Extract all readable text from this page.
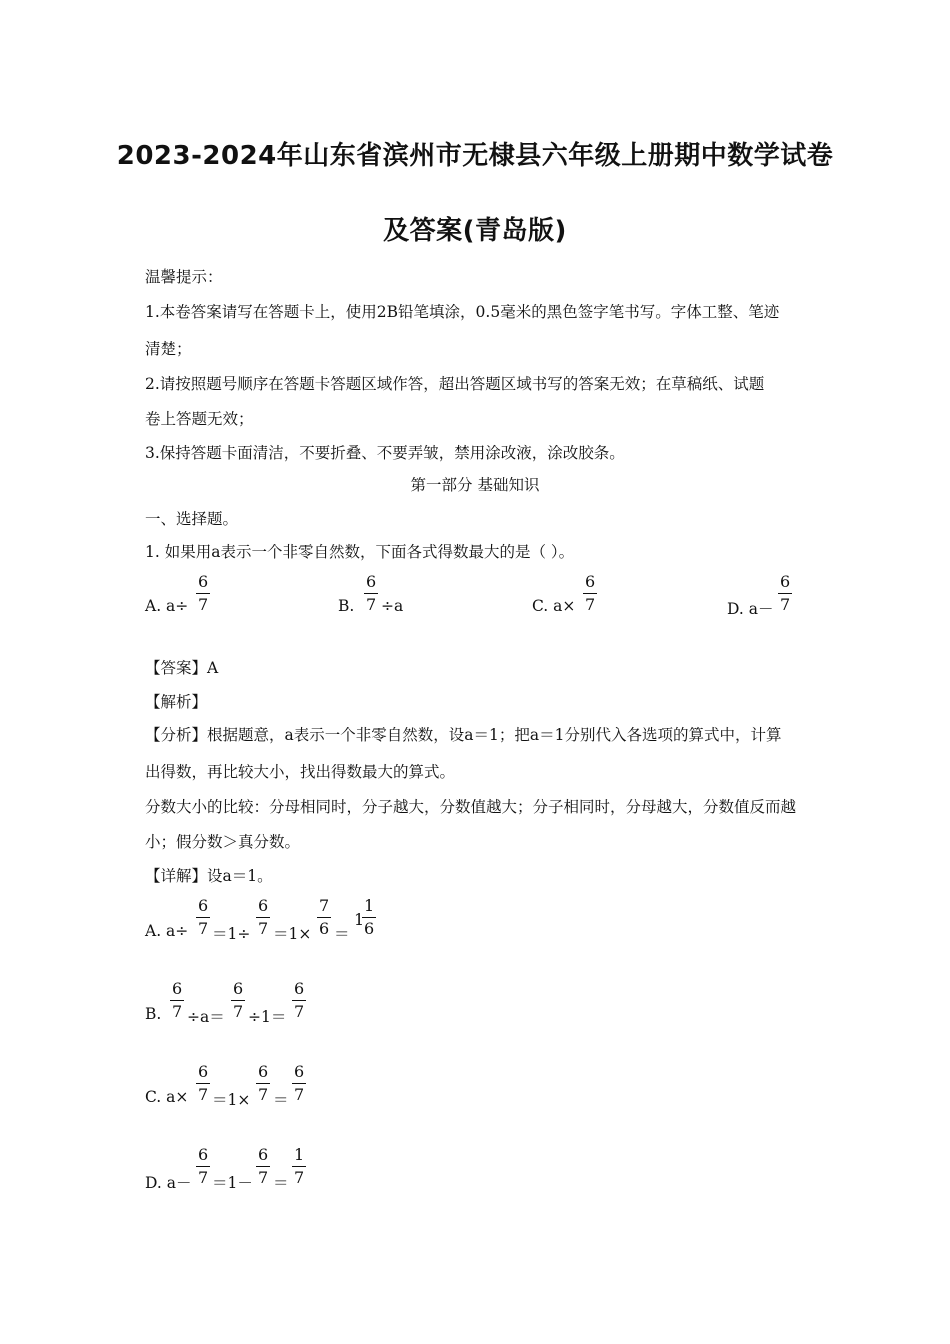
2023-2024年山东省滨州市无棣县六年级上册期中数学试卷
及答案(青岛版)
温馨提示：
1.本卷答案请写在答题卡上，使用2B铅笔填涂，0.5毫米的黑色签字笔书写。字体工整、笔迹
清楚；
2.请按照题号顺序在答题卡答题区域作答，超出答题区域书写的答案无效；在草稿纸、试题
卷上答题无效；
3.保持答题卡面清洁，不要折叠、不要弄皱，禁用涂改液，涂改胶条。
第一部分 基础知识
一、选择题。
1. 如果用a表示一个非零自然数，下面各式得数最大的是（ ）。
A. $a\div \frac{6}{7}$	B. $\frac{6}{7} \div a$	C. $a\times \frac{6}{7}$	D. $a- \frac{6}{7}$
【答案】A
【解析】
【分析】根据题意，a表示一个非零自然数，设a＝1；把a＝1分别代入各选项的算式中，计算
出得数，再比较大小，找出得数最大的算式。
分数大小的比较：分母相同时，分子越大，分数值越大；分子相同时，分母越大，分数值反而越
小；假分数＞真分数。
【详解】设a＝1。
A. $a\div \frac{6}{7} =1\div \frac{6}{7} =1\times \frac{7}{6}$ ＝
1
$\frac{1}{6}$
B. $\frac{6}{7} \div a= \frac{6}{7} \div 1= \frac{6}{7}$
C. $a\times \frac{6}{7} =1\times \frac{6}{7} = \frac{6}{7}$
D. $a- \frac{6}{7} =1- \frac{6}{7} = \frac{1}{7}$
